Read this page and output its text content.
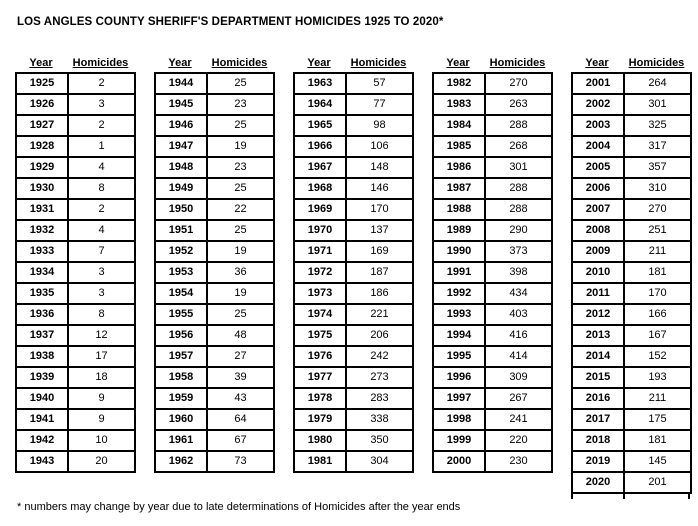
LOS ANGLES COUNTY SHERIFF'S DEPARTMENT HOMICIDES 1925 TO 2020*
Year	Homicides
1925	2
1926	3
1927	2
1928	1
1929	4
1930	8
1931	2
1932	4
1933	7
1934	3
1935	3
1936	8
1937	12
1938	17
1939	18
1940	9
1941	9
1942	10
1943	20
Year	Homicides
1944	25
1945	23
1946	25
1947	19
1948	23
1949	25
1950	22
1951	25
1952	19
1953	36
1954	19
1955	25
1956	48
1957	27
1958	39
1959	43
1960	64
1961	67
1962	73
Year	Homicides
1963	57
1964	77
1965	98
1966	106
1967	148
1968	146
1969	170
1970	137
1971	169
1972	187
1973	186
1974	221
1975	206
1976	242
1977	273
1978	283
1979	338
1980	350
1981	304
Year	Homicides
1982	270
1983	263
1984	288
1985	268
1986	301
1987	288
1988	288
1989	290
1990	373
1991	398
1992	434
1993	403
1994	416
1995	414
1996	309
1997	267
1998	241
1999	220
2000	230
Year	Homicides
2001	264
2002	301
2003	325
2004	317
2005	357
2006	310
2007	270
2008	251
2009	211
2010	181
2011	170
2012	166
2013	167
2014	152
2015	193
2016	211
2017	175
2018	181
2019	145
2020	201
* numbers may change by year due to late determinations of Homicides after the year ends
